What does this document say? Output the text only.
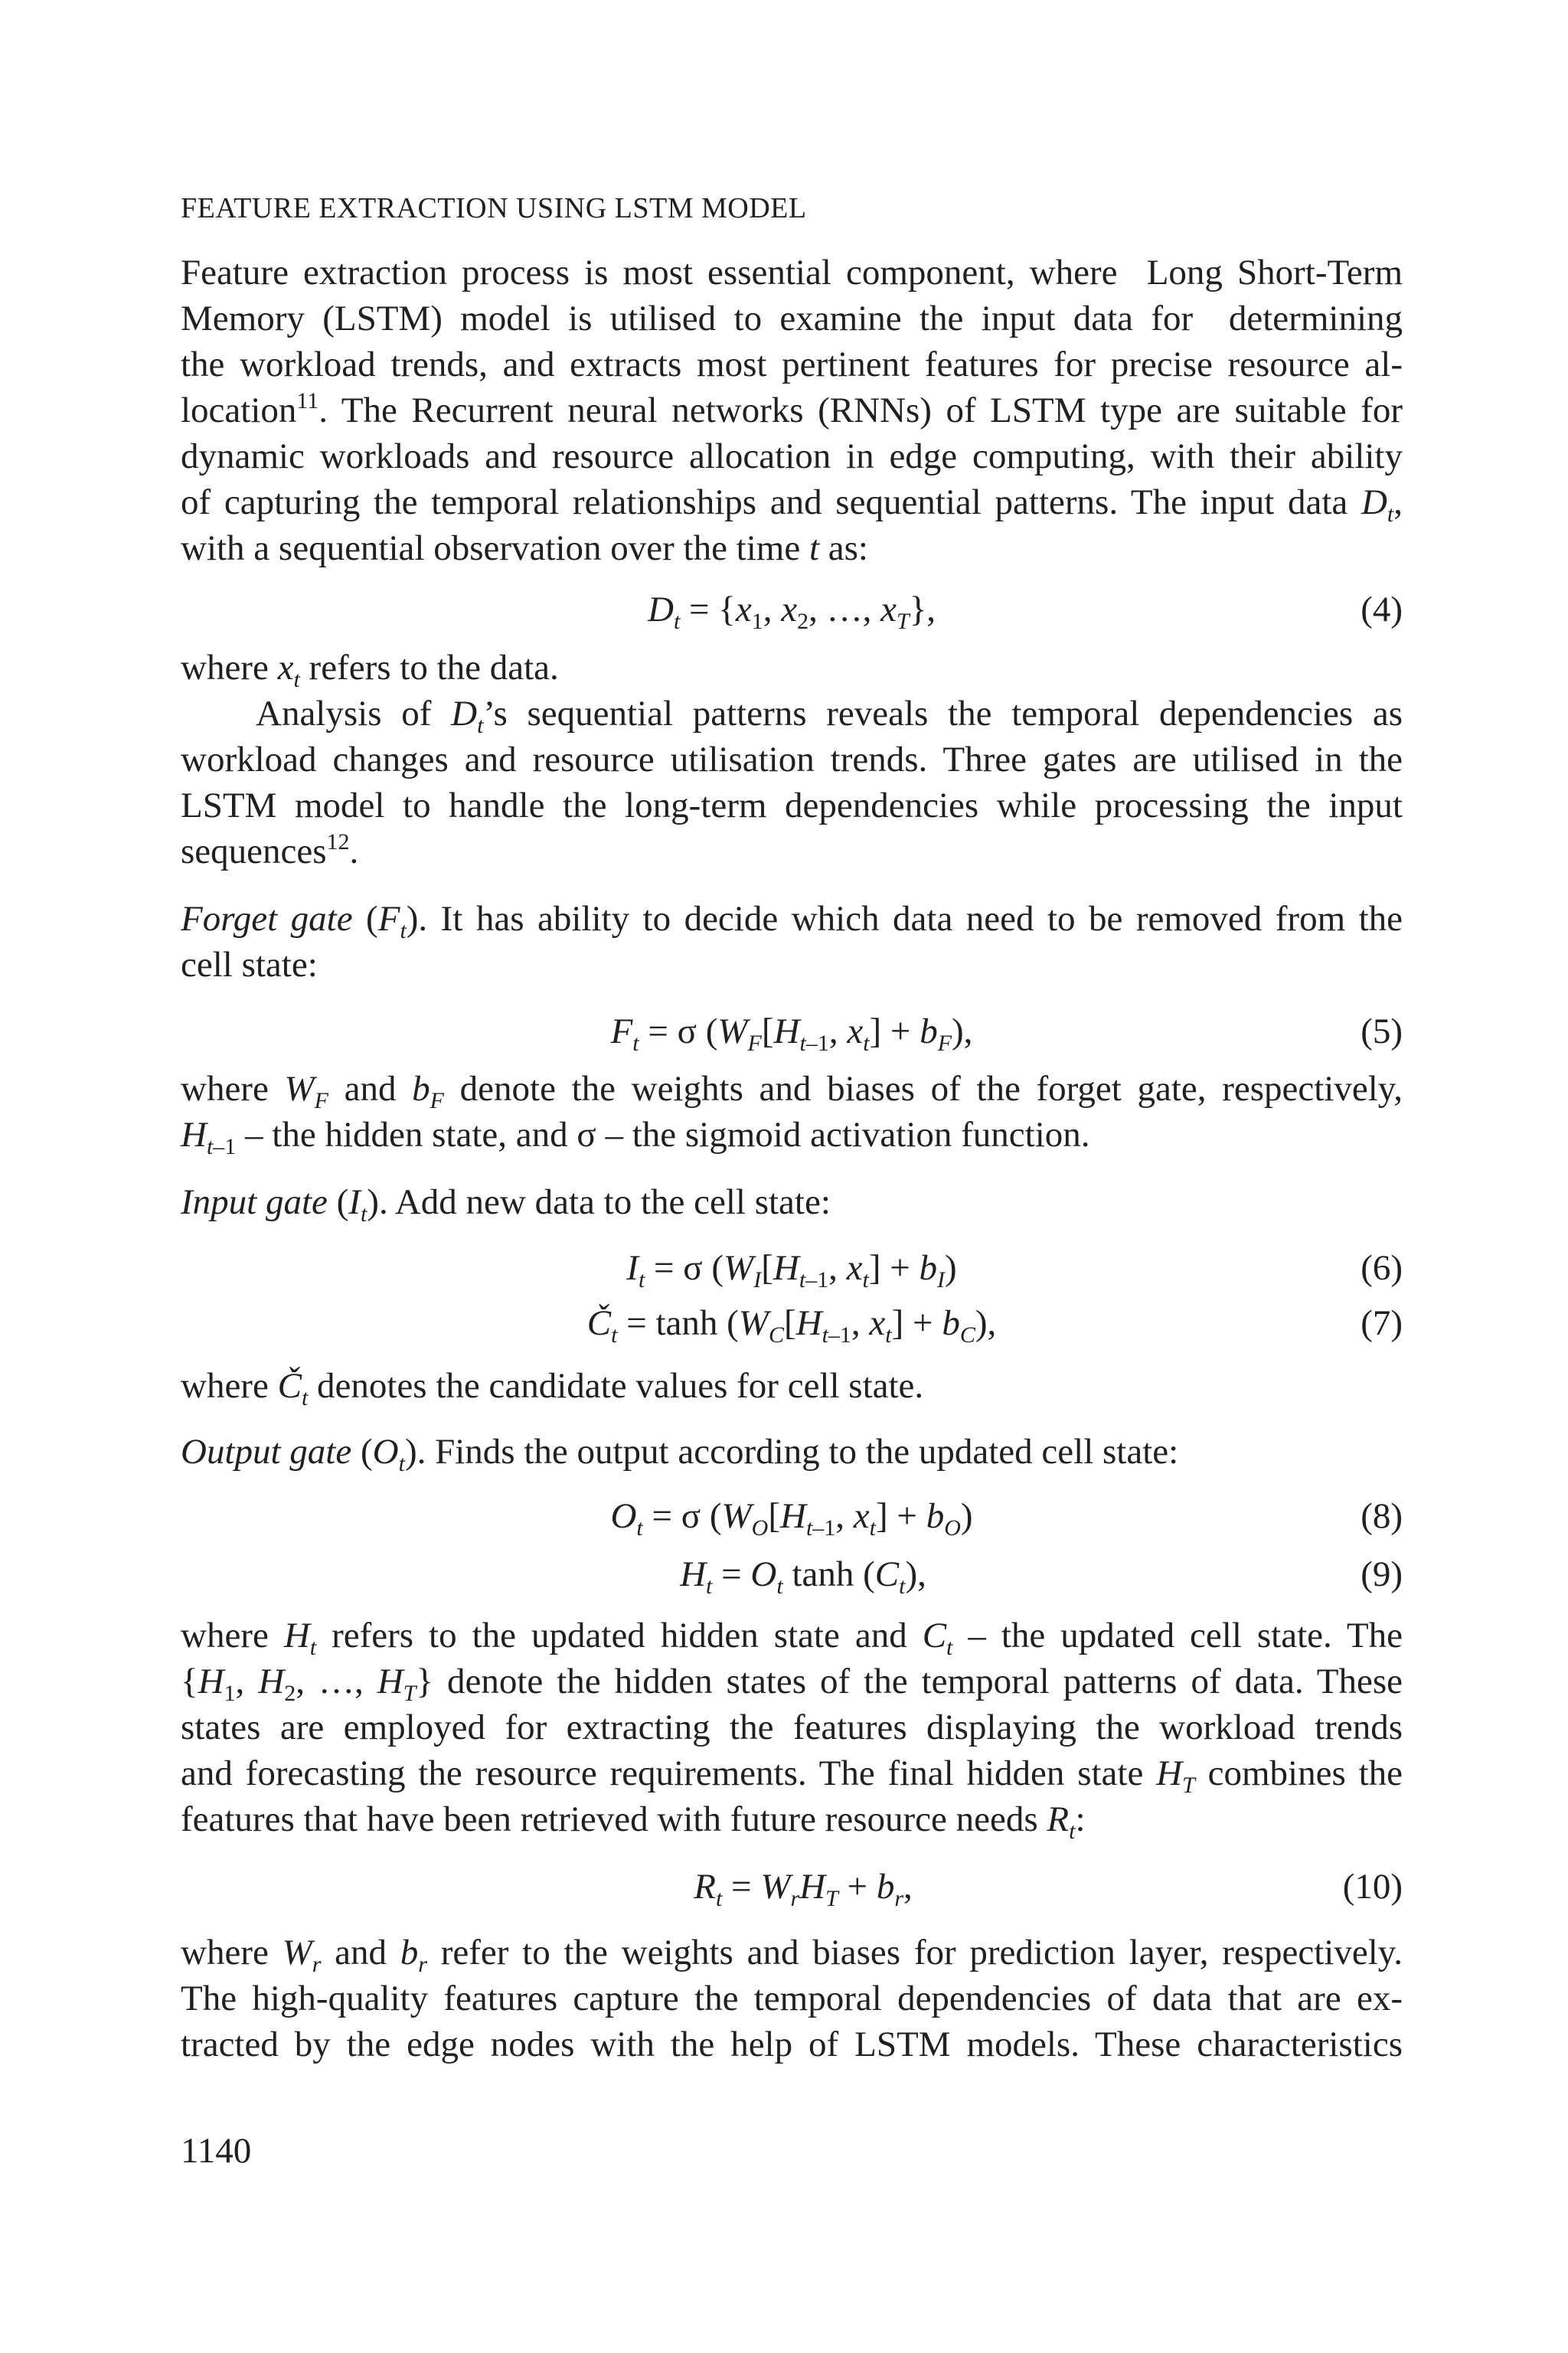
FEATURE EXTRACTION USING LSTM MODEL
Feature extraction process is most essential component, where  Long Short-Term
Memory (LSTM) model is utilised to examine the input data for  determining
the workload trends, and extracts most pertinent features for precise resource al-
location$^{11}$. The Recurrent neural networks (RNNs) of LSTM type are suitable for
dynamic workloads and resource allocation in edge computing, with their ability
of capturing the temporal relationships and sequential patterns. The input data $D_t$,
with a sequential observation over the time t as:
$D_t = \{x_1$, $x_2$, …, $x_T$},	(4)
where $x_t$ refers to the data.
Analysis of $D_t’s$ sequential patterns reveals the temporal dependencies as
workload changes and resource utilisation trends. Three gates are utilised in the
LSTM model to handle the long-term dependencies while processing the input
sequences$^{12}$.
Forget gate $(F_t)$. It has ability to decide which data need to be removed from the
cell state:
$F_t = \sigma$ ($W_F[H_{t-1}$, $x_t] + b_F$),	(5)
where $W_F$ and $b_F$ denote the weights and biases of the forget gate, respectively,
$H_{t-1}$ – the hidden state, and σ – the sigmoid activation function.
Input gate $(I_t)$. Add new data to the cell state:
$I_t = \sigma$ ($W_I[H_{t-1}$, $x_t] + b_I$)	(6)
$Č_t = \tanh (W_C[H_{t-1}$, $x_t] + b_C$),	(7)
where $Č_t$ denotes the candidate values for cell state.
Output gate $(O_t)$. Finds the output according to the updated cell state:
$O_t = \sigma$ ($W_O[H_{t-1}$, $x_t] + b_O$)	(8)
$H_t = O_t$ $\tanh (C_t)$,	(9)
where $H_t$ refers to the updated hidden state and $C_t$ – the updated cell state. The
{$H_1$, $H_2$, …, $H_T$} denote the hidden states of the temporal patterns of data. These
states are employed for extracting the features displaying the workload trends
and forecasting the resource requirements. The final hidden state $H_T$ combines the
features that have been retrieved with future resource needs $R_t$:
$R_t = W_rH_T + b_r$,	(10)
where $W_r$ and $b_r$ refer to the weights and biases for prediction layer, respectively.
The high-quality features capture the temporal dependencies of data that are ex-
tracted by the edge nodes with the help of LSTM models. These characteristics
1140
